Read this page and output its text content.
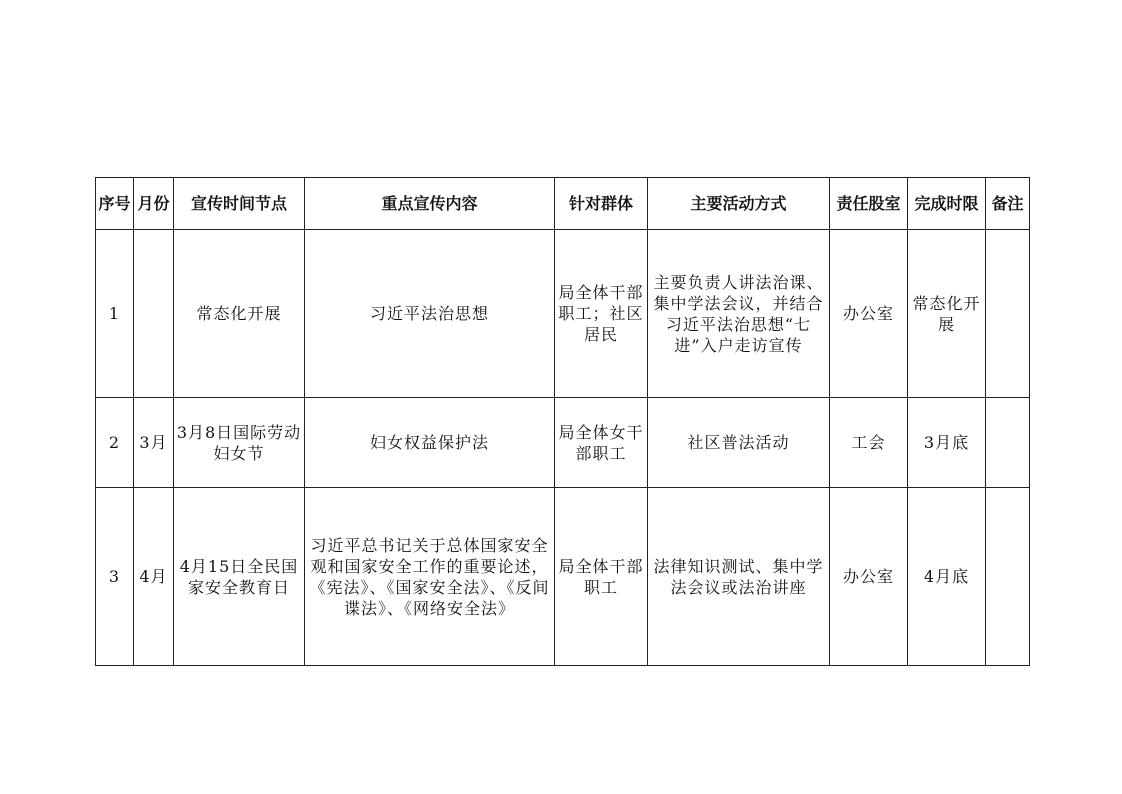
序号	月份	宣传时间节点	重点宣传内容	针对群体	主要活动方式	责任股室	完成时限	备注
1		常态化开展	习近平法治思想	局全体干部职工；社区居民	主要负责人讲法治课、集中学法会议，并结合习近平法治思想“七进”入户走访宣传	办公室	常态化开展	
2	3月	3月8日国际劳动妇女节	妇女权益保护法	局全体女干部职工	社区普法活动	工会	3月底	
3	4月	4月15日全民国家安全教育日	习近平总书记关于总体国家安全观和国家安全工作的重要论述，《宪法》、《国家安全法》、《反间谍法》、《网络安全法》	局全体干部职工	法律知识测试、集中学法会议或法治讲座	办公室	4月底	
